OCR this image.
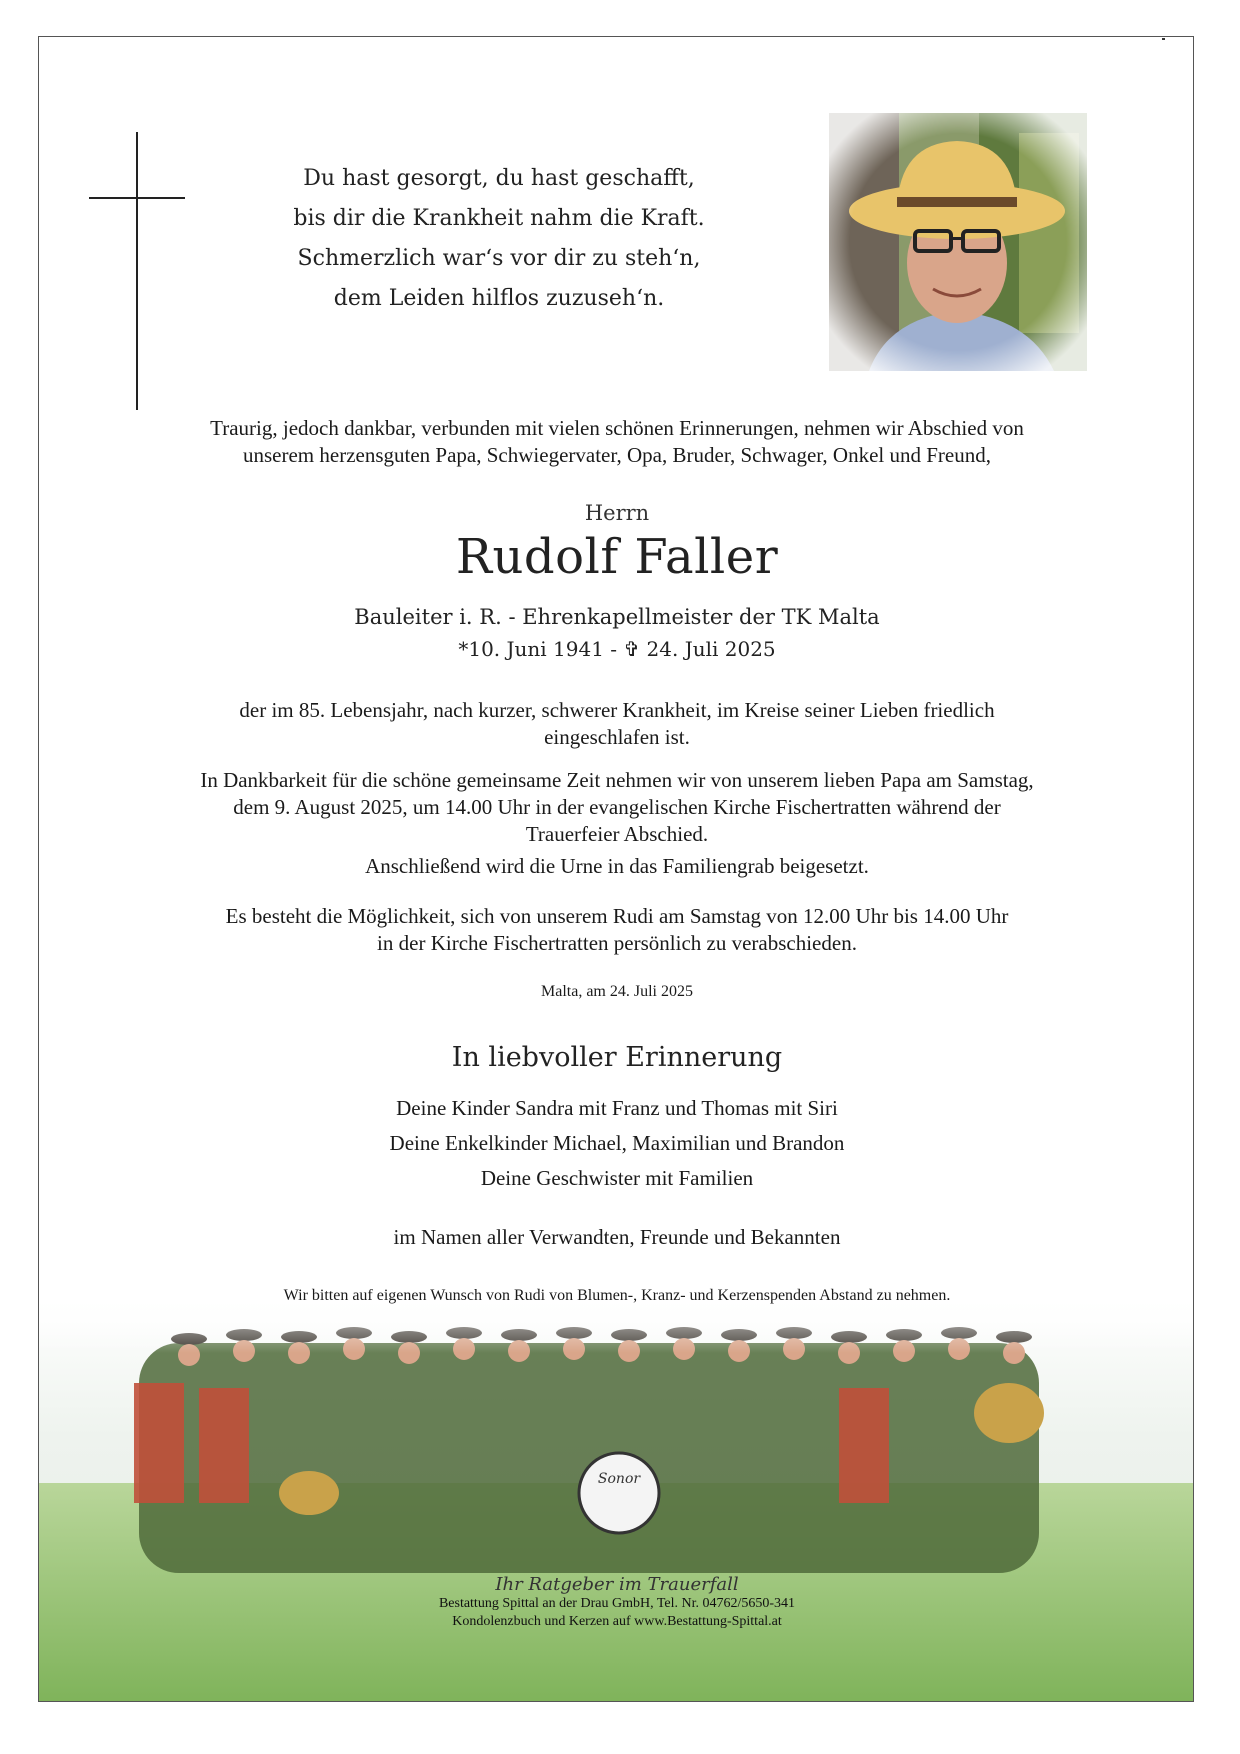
Du hast gesorgt, du hast geschafft,
bis dir die Krankheit nahm die Kraft.
Schmerzlich war‘s vor dir zu steh‘n,
dem Leiden hilflos zuzuseh‘n.
Traurig, jedoch dankbar, verbunden mit vielen schönen Erinnerungen, nehmen wir Abschied von
unserem herzensguten Papa, Schwiegervater, Opa, Bruder, Schwager, Onkel und Freund,
Herrn
Rudolf Faller
Bauleiter i. R. - Ehrenkapellmeister der TK Malta
*10. Juni 1941 - ✞ 24. Juli 2025
der im 85. Lebensjahr, nach kurzer, schwerer Krankheit, im Kreise seiner Lieben friedlich
eingeschlafen ist.
In Dankbarkeit für die schöne gemeinsame Zeit nehmen wir von unserem lieben Papa am Samstag,
dem 9. August 2025, um 14.00 Uhr in der evangelischen Kirche Fischertratten während der
Trauerfeier Abschied.
Anschließend wird die Urne in das Familiengrab beigesetzt.
Es besteht die Möglichkeit, sich von unserem Rudi am Samstag von 12.00 Uhr bis 14.00 Uhr
in der Kirche Fischertratten persönlich zu verabschieden.
Malta, am 24. Juli 2025
In liebvoller Erinnerung
Deine Kinder Sandra mit Franz und Thomas mit Siri
Deine Enkelkinder Michael, Maximilian und Brandon
Deine Geschwister mit Familien
im Namen aller Verwandten, Freunde und Bekannten
Sonor
Wir bitten auf eigenen Wunsch von Rudi von Blumen-, Kranz- und Kerzenspenden Abstand zu nehmen.
Ihr Ratgeber im Trauerfall
Bestattung Spittal an der Drau GmbH, Tel. Nr. 04762/5650-341
Kondolenzbuch und Kerzen auf www.Bestattung-Spittal.at
